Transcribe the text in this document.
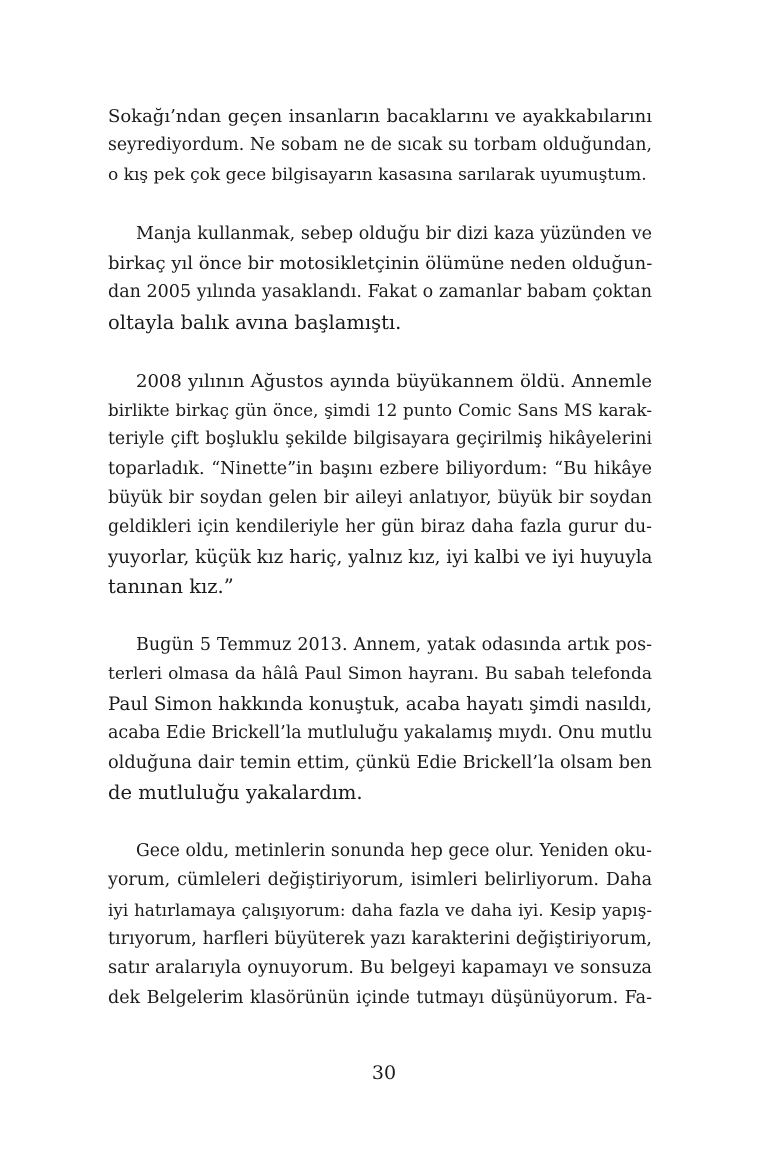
Sokağı’ndan geçen insanların bacaklarını ve ayakkabılarını
seyrediyordum. Ne sobam ne de sıcak su torbam olduğundan,
o kış pek çok gece bilgisayarın kasasına sarılarak uyumuştum.
Manja kullanmak, sebep olduğu bir dizi kaza yüzünden ve
birkaç yıl önce bir motosikletçinin ölümüne neden olduğun-
dan 2005 yılında yasaklandı. Fakat o zamanlar babam çoktan
oltayla balık avına başlamıştı.
2008 yılının Ağustos ayında büyükannem öldü. Annemle
birlikte birkaç gün önce, şimdi 12 punto Comic Sans MS karak-
teriyle çift boşluklu şekilde bilgisayara geçirilmiş hikâyelerini
toparladık. “Ninette”in başını ezbere biliyordum: “Bu hikâye
büyük bir soydan gelen bir aileyi anlatıyor, büyük bir soydan
geldikleri için kendileriyle her gün biraz daha fazla gurur du-
yuyorlar, küçük kız hariç, yalnız kız, iyi kalbi ve iyi huyuyla
tanınan kız.”
Bugün 5 Temmuz 2013. Annem, yatak odasında artık pos-
terleri olmasa da hâlâ Paul Simon hayranı. Bu sabah telefonda
Paul Simon hakkında konuştuk, acaba hayatı şimdi nasıldı,
acaba Edie Brickell’la mutluluğu yakalamış mıydı. Onu mutlu
olduğuna dair temin ettim, çünkü Edie Brickell’la olsam ben
de mutluluğu yakalardım.
Gece oldu, metinlerin sonunda hep gece olur. Yeniden oku-
yorum, cümleleri değiştiriyorum, isimleri belirliyorum. Daha
iyi hatırlamaya çalışıyorum: daha fazla ve daha iyi. Kesip yapış-
tırıyorum, harfleri büyüterek yazı karakterini değiştiriyorum,
satır aralarıyla oynuyorum. Bu belgeyi kapamayı ve sonsuza
dek Belgelerim klasörünün içinde tutmayı düşünüyorum. Fa-
30
